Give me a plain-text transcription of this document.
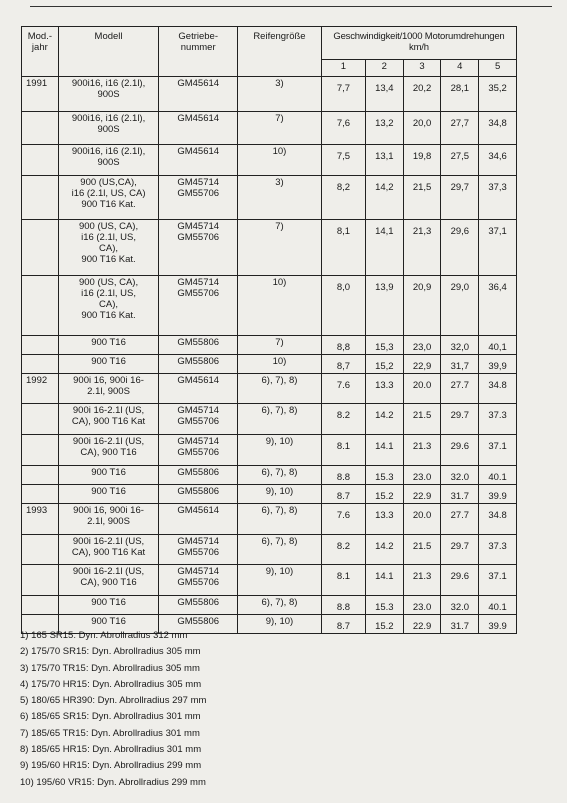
Mod.-
jahr	Modell	Getriebe-
nummer	Reifengröße	Geschwindigkeit/1000 Motorumdrehungen
km/h				
				1	2	3	4	5
1991	900i16, i16 (2.1l),
900S	GM45614	3)	7,7	13,4	20,2	28,1	35,2
	900i16, i16 (2.1l),
900S	GM45614	7)	7,6	13,2	20,0	27,7	34,8
	900i16, i16 (2.1l),
900S	GM45614	10)	7,5	13,1	19,8	27,5	34,6
	900 (US,CA),
i16 (2.1l, US, CA)
900 T16 Kat.	GM45714
GM55706	3)	8,2	14,2	21,5	29,7	37,3
	900 (US, CA),
i16 (2.1l, US,
CA),
900 T16 Kat.	GM45714
GM55706	7)	8,1	14,1	21,3	29,6	37,1
	900 (US, CA),
i16 (2.1l, US,
CA),
900 T16 Kat.	GM45714
GM55706	10)	8,0	13,9	20,9	29,0	36,4
	900 T16	GM55806	7)	8,8	15,3	23,0	32,0	40,1
	900 T16	GM55806	10)	8,7	15,2	22,9	31,7	39,9
1992	900i 16, 900i 16-
2.1l, 900S	GM45614	6), 7), 8)	7.6	13.3	20.0	27.7	34.8
	900i 16-2.1l (US,
CA), 900 T16 Kat	GM45714
GM55706	6), 7), 8)	8.2	14.2	21.5	29.7	37.3
	900i 16-2.1l (US,
CA), 900 T16	GM45714
GM55706	9), 10)	8.1	14.1	21.3	29.6	37.1
	900 T16	GM55806	6), 7), 8)	8.8	15.3	23.0	32.0	40.1
	900 T16	GM55806	9), 10)	8.7	15.2	22.9	31.7	39.9
1993	900i 16, 900i 16-
2.1l, 900S	GM45614	6), 7), 8)	7.6	13.3	20.0	27.7	34.8
	900i 16-2.1l (US,
CA), 900 T16 Kat	GM45714
GM55706	6), 7), 8)	8.2	14.2	21.5	29.7	37.3
	900i 16-2.1l (US,
CA), 900 T16	GM45714
GM55706	9), 10)	8.1	14.1	21.3	29.6	37.1
	900 T16	GM55806	6), 7), 8)	8.8	15.3	23.0	32.0	40.1
	900 T16	GM55806	9), 10)	8.7	15.2	22.9	31.7	39.9
1) 165 SR15: Dyn. Abrollradius 312 mm
2) 175/70 SR15: Dyn. Abrollradius 305 mm
3) 175/70 TR15: Dyn. Abrollradius 305 mm
4) 175/70 HR15: Dyn. Abrollradius 305 mm
5) 180/65 HR390: Dyn. Abrollradius 297 mm
6) 185/65 SR15: Dyn. Abrollradius 301 mm
7) 185/65 TR15: Dyn. Abrollradius 301 mm
8) 185/65 HR15: Dyn. Abrollradius 301 mm
9) 195/60 HR15: Dyn. Abrollradius 299 mm
10) 195/60 VR15: Dyn. Abrollradius 299 mm
